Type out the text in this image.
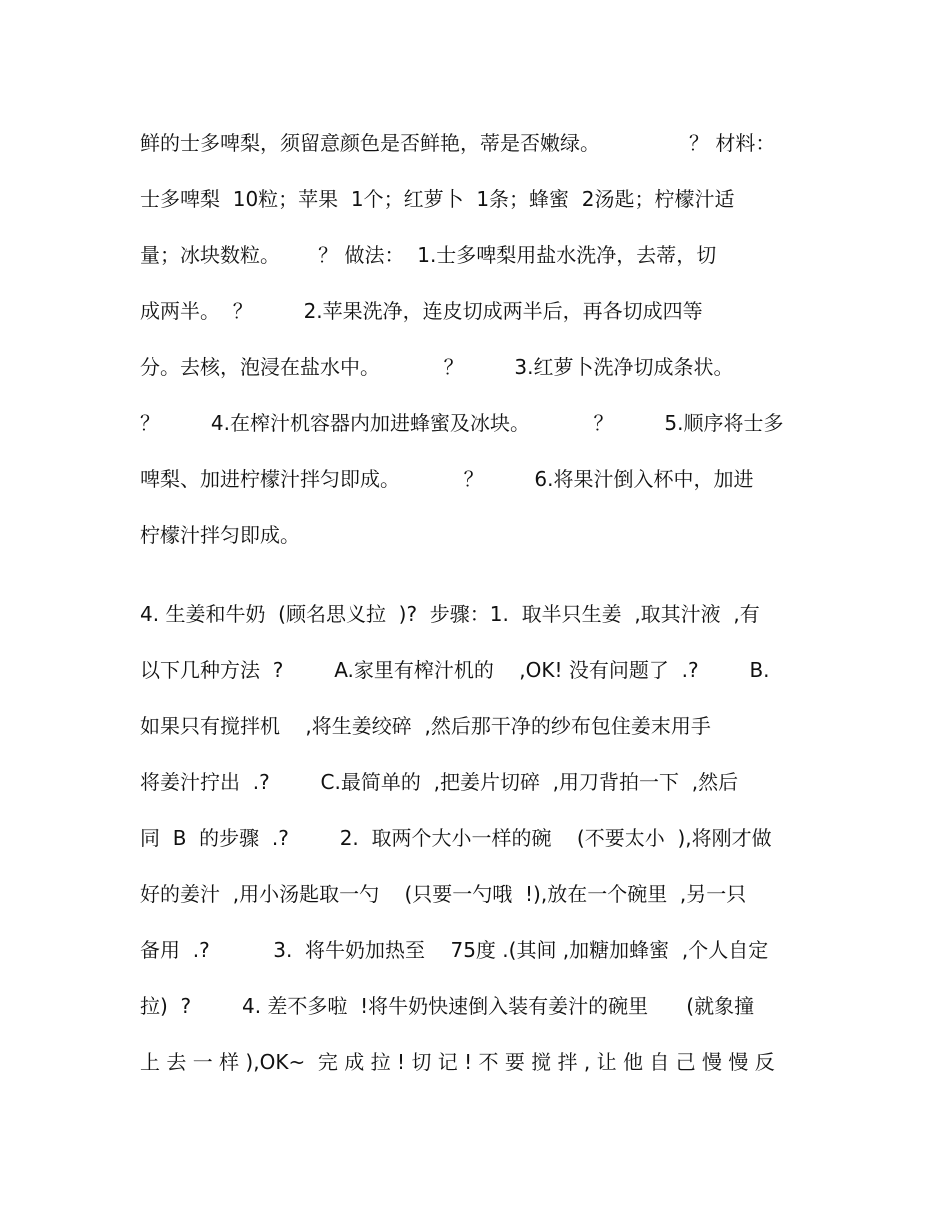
鲜的士多啤梨，须留意颜色是否鲜艳，蒂是否嫩绿。              ？ 材料：
士多啤梨  10粒；苹果  1个；红萝卜  1条；蜂蜜  2汤匙；柠檬汁适
量；冰块数粒。      ？ 做法：  1.士多啤梨用盐水洗净，去蒂，切
成两半。  ？        2.苹果洗净，连皮切成两半后，再各切成四等
分。去核，泡浸在盐水中。          ？        3.红萝卜洗净切成条状。
？        4.在榨汁机容器内加进蜂蜜及冰块。          ？        5.顺序将士多
啤梨、加进柠檬汁拌匀即成。          ？        6.将果汁倒入杯中，加进
柠檬汁拌匀即成。
4. 生姜和牛奶  (顾名思义拉  )?  步骤：1.  取半只生姜  ,取其汁液  ,有
以下几种方法  ?        A.家里有榨汁机的    ,OK! 没有问题了  .?        B.
如果只有搅拌机    ,将生姜绞碎  ,然后那干净的纱布包住姜末用手
将姜汁拧出  .?        C.最简单的  ,把姜片切碎  ,用刀背拍一下  ,然后
同  B  的步骤  .?        2.  取两个大小一样的碗    (不要太小  ),将刚才做
好的姜汁  ,用小汤匙取一勺    (只要一勺哦  !),放在一个碗里  ,另一只
备用  .?          3.  将牛奶加热至    75度 .(其间 ,加糖加蜂蜜  ,个人自定
拉)  ?        4. 差不多啦  !将牛奶快速倒入装有姜汁的碗里      (就象撞
上 去 一 样 ),OK~  完 成 拉 ! 切 记 ! 不 要 搅 拌 , 让 他 自 己 慢 慢 反
